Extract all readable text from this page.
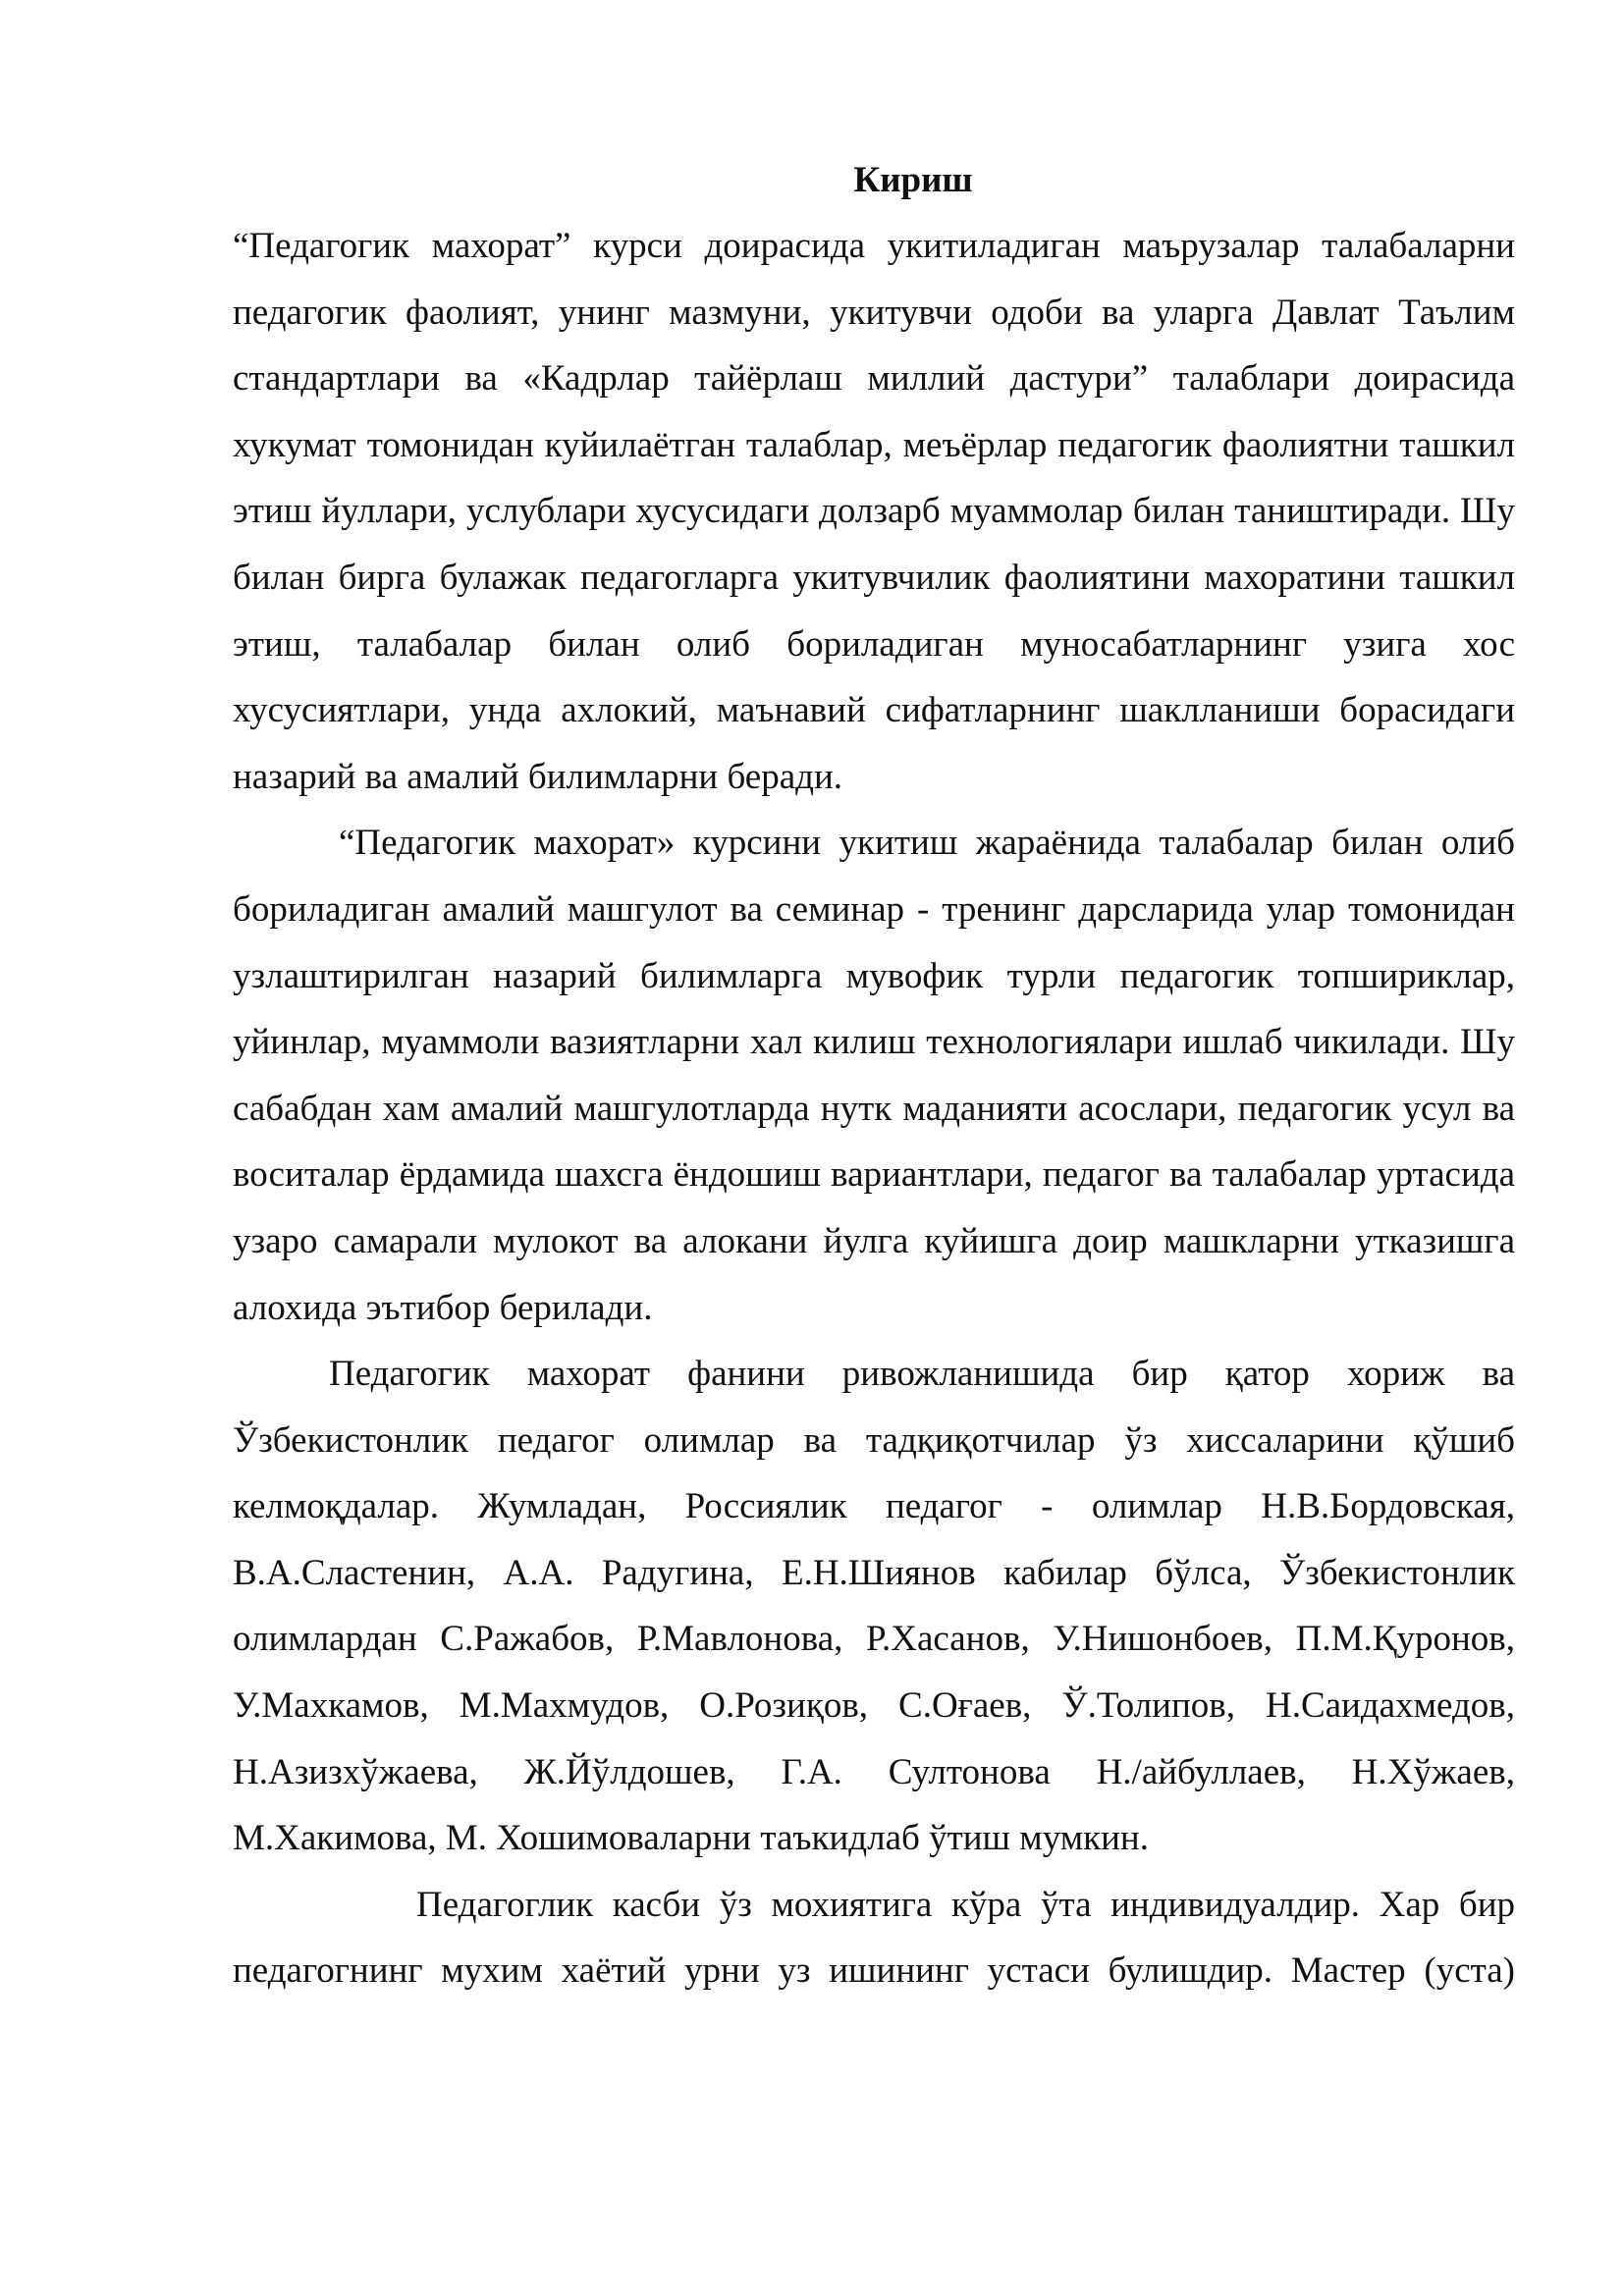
Кириш

“Педагогик махорат” курси доирасида укитиладиган маърузалар талабаларни педагогик фаолият, унинг мазмуни, укитувчи одоби ва уларга Давлат Таълим стандартлари ва «Кадрлар тайёрлаш миллий дастури” талаблари доирасида хукумат томонидан куйилаётган талаблар, меъёрлар педагогик фаолиятни ташкил этиш йуллари, услублари хусусидаги долзарб муаммолар билан таништиради. Шу билан бирга булажак педагогларга укитувчилик фаолиятини махоратини ташкил этиш, талабалар билан олиб бориладиган муносабатларнинг узига хос хусусиятлари, унда ахлокий, маънавий сифатларнинг шаклланиши борасидаги назарий ва амалий билимларни беради.

“Педагогик махорат» курсини укитиш жараёнида талабалар билан олиб бориладиган амалий машгулот ва семинар - тренинг дарсларида улар томонидан узлаштирилган назарий билимларга мувофик турли педагогик топшириклар, уйинлар, муаммоли вазиятларни хал килиш технологиялари ишлаб чикилади. Шу сабабдан хам амалий машгулотларда нутк маданияти асослари, педагогик усул ва воситалар ёрдамида шахсга ёндошиш вариантлари, педагог ва талабалар уртасида узаро самарали мулокот ва алокани йулга куйишга доир машкларни утказишга алохида эътибор берилади.

Педагогик махорат фанини ривожланишида бир қатор хориж ва Ўзбекистонлик педагог олимлар ва тадқиқотчилар ўз хиссаларини қўшиб келмоқдалар. Жумладан, Россиялик педагог - олимлар Н.В.Бордовская, В.А.Сластенин, А.А. Радугина, Е.Н.Шиянов кабилар бўлса, Ўзбекистонлик олимлардан С.Ражабов, Р.Мавлонова, Р.Хасанов, У.Нишонбоев, П.М.Қуронов, У.Махкамов, М.Махмудов, О.Розиқов, С.Оғаев, Ў.Толипов, Н.Саидахмедов, Н.Азизхўжаева, Ж.Йўлдошев, Г.А. Султонова Н./айбуллаев, Н.Хўжаев, М.Хакимова, М. Хошимоваларни таъкидлаб ўтиш мумкин.

Педагоглик касби ўз мохиятига кўра ўта индивидуалдир. Хар бир педагогнинг мухим хаётий урни уз ишининг устаси булишдир. Мастер (уста)
